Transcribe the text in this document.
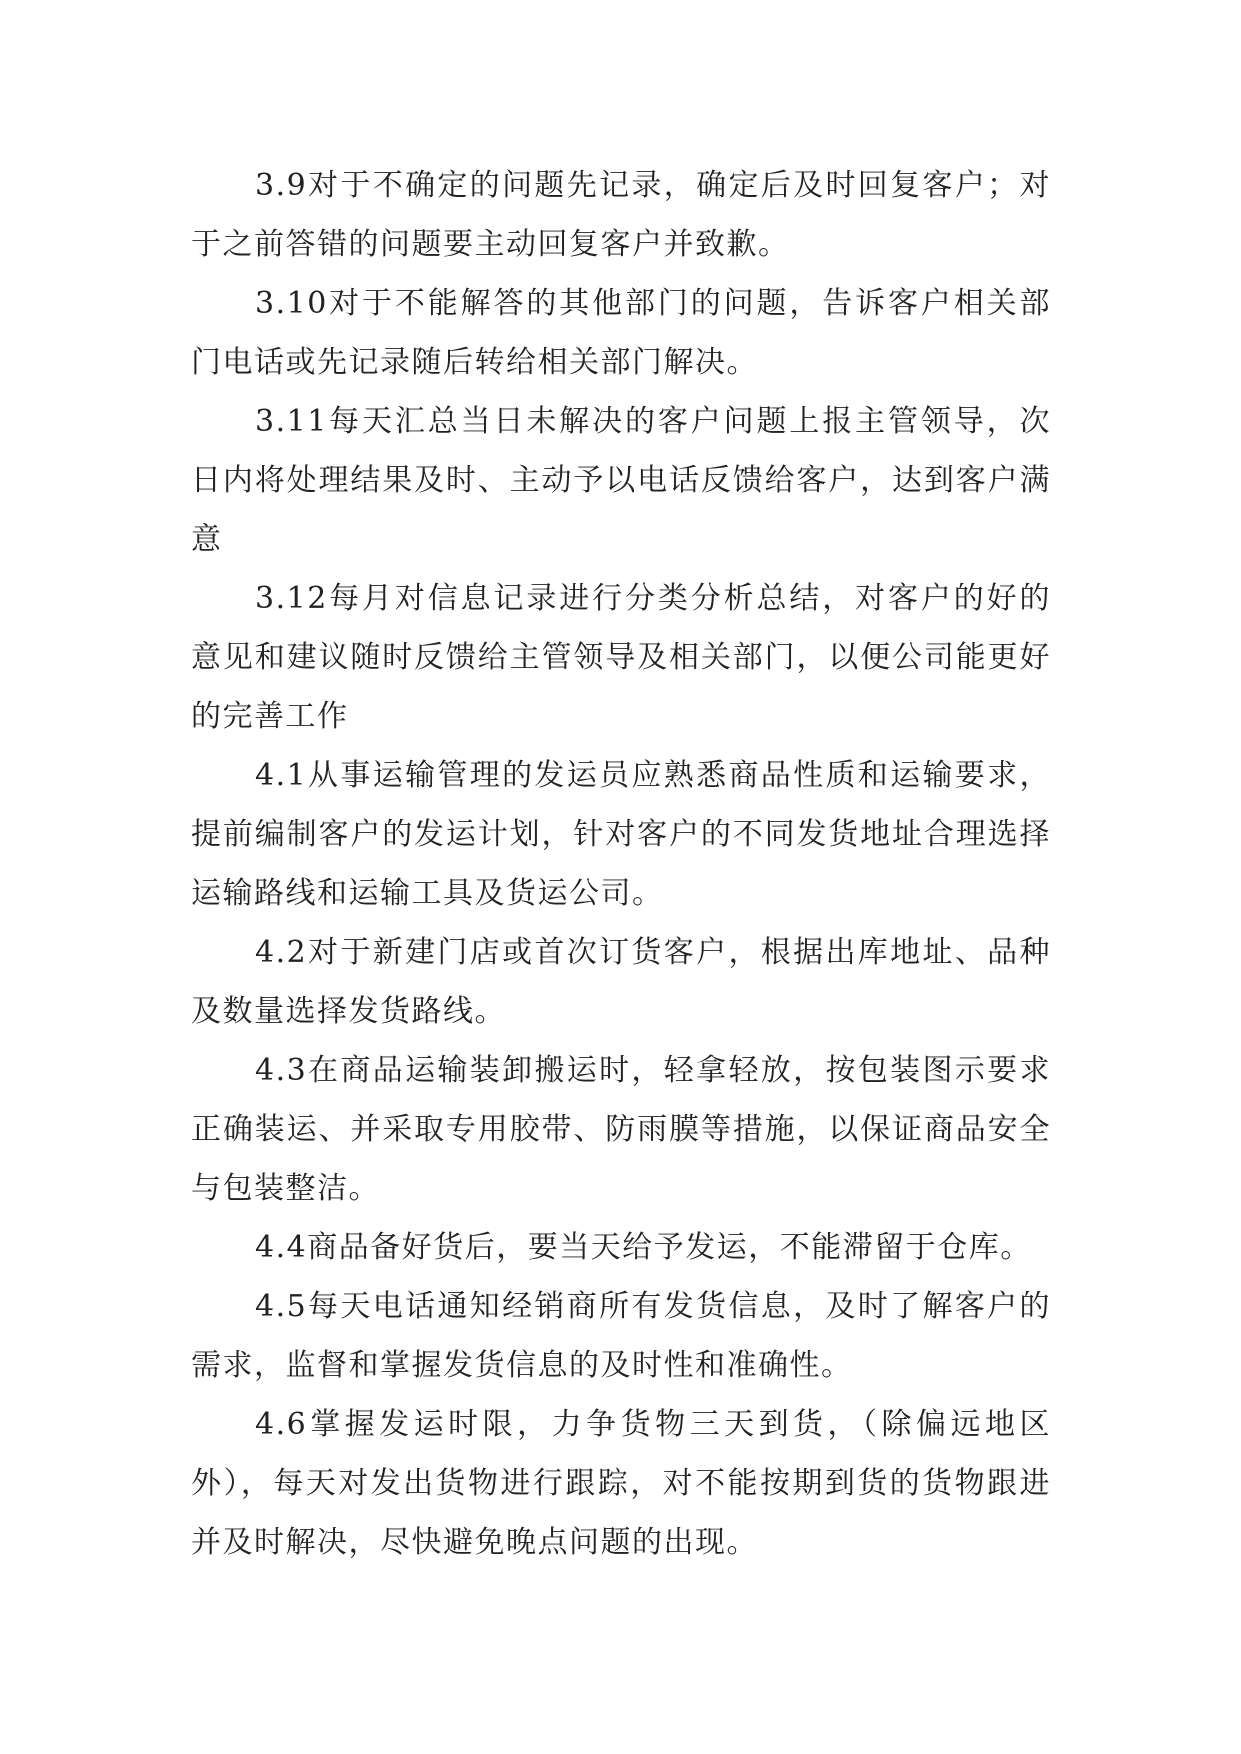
3.9对于不确定的问题先记录，确定后及时回复客户；对于之前答错的问题要主动回复客户并致歉。

3.10对于不能解答的其他部门的问题，告诉客户相关部门电话或先记录随后转给相关部门解决。

3.11每天汇总当日未解决的客户问题上报主管领导，次日内将处理结果及时、主动予以电话反馈给客户，达到客户满意

3.12每月对信息记录进行分类分析总结，对客户的好的意见和建议随时反馈给主管领导及相关部门，以便公司能更好的完善工作

4.1从事运输管理的发运员应熟悉商品性质和运输要求，提前编制客户的发运计划，针对客户的不同发货地址合理选择运输路线和运输工具及货运公司。

4.2对于新建门店或首次订货客户，根据出库地址、品种及数量选择发货路线。

4.3在商品运输装卸搬运时，轻拿轻放，按包装图示要求正确装运、并采取专用胶带、防雨膜等措施，以保证商品安全与包装整洁。

4.4商品备好货后，要当天给予发运，不能滞留于仓库。

4.5每天电话通知经销商所有发货信息，及时了解客户的需求，监督和掌握发货信息的及时性和准确性。

4.6掌握发运时限，力争货物三天到货，（除偏远地区外），每天对发出货物进行跟踪，对不能按期到货的货物跟进并及时解决，尽快避免晚点问题的出现。
